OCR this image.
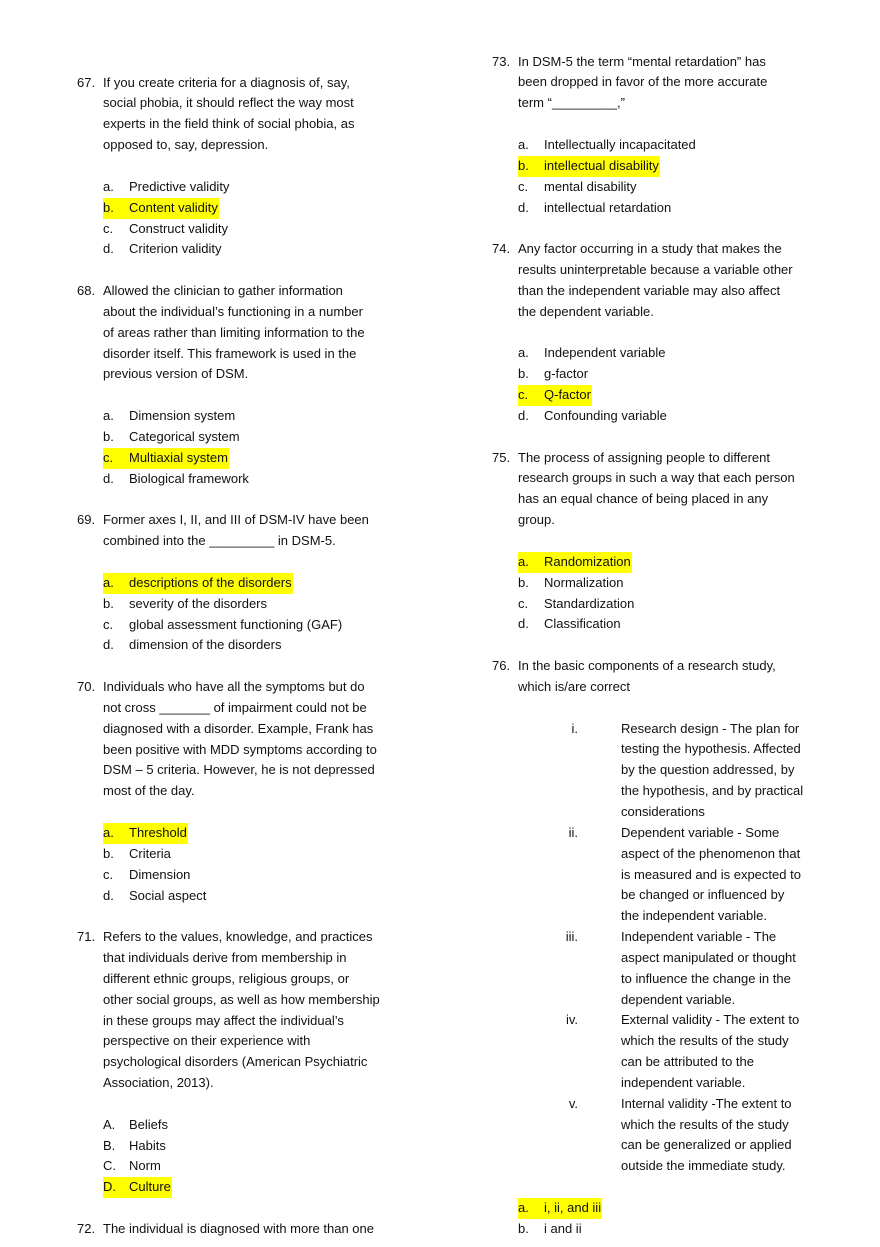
67. If you create criteria for a diagnosis of, say,
social phobia, it should reflect the way most
experts in the field think of social phobia, as
opposed to, say, depression.
a. Predictive validity
b. Content validity
c. Construct validity
d. Criterion validity
68. Allowed the clinician to gather information
about the individual’s functioning in a number
of areas rather than limiting information to the
disorder itself. This framework is used in the
previous version of DSM.
a. Dimension system
b. Categorical system
c. Multiaxial system
d. Biological framework
69. Former axes I, II, and III of DSM-IV have been
combined into the _________ in DSM-5.
a. descriptions of the disorders
b. severity of the disorders
c. global assessment functioning (GAF)
d. dimension of the disorders
70. Individuals who have all the symptoms but do
not cross _______ of impairment could not be
diagnosed with a disorder. Example, Frank has
been positive with MDD symptoms according to
DSM – 5 criteria. However, he is not depressed
most of the day.
a. Threshold
b. Criteria
c. Dimension
d. Social aspect
71. Refers to the values, knowledge, and practices
that individuals derive from membership in
different ethnic groups, religious groups, or
other social groups, as well as how membership
in these groups may affect the individual’s
perspective on their experience with
psychological disorders (American Psychiatric
Association, 2013).
A. Beliefs
B. Habits
C. Norm
D. Culture
72. The individual is diagnosed with more than one
73. In DSM-5 the term “mental retardation” has
been dropped in favor of the more accurate
term “_________,”
a. Intellectually incapacitated
b. intellectual disability
c. mental disability
d. intellectual retardation
74. Any factor occurring in a study that makes the
results uninterpretable because a variable other
than the independent variable may also affect
the dependent variable.
a. Independent variable
b. g-factor
c. Q-factor
d. Confounding variable
75. The process of assigning people to different
research groups in such a way that each person
has an equal chance of being placed in any
group.
a. Randomization
b. Normalization
c. Standardization
d. Classification
76. In the basic components of a research study,
which is/are correct
i.	Research design - The plan for
testing the hypothesis. Affected
by the question addressed, by
the hypothesis, and by practical
considerations
ii.	Dependent variable - Some
aspect of the phenomenon that
is measured and is expected to
be changed or influenced by
the independent variable.
iii.	Independent variable - The
aspect manipulated or thought
to influence the change in the
dependent variable.
iv.	External validity - The extent to
which the results of the study
can be attributed to the
independent variable.
v.	Internal validity -The extent to
which the results of the study
can be generalized or applied
outside the immediate study.
a. i, ii, and iii
b. i and ii
